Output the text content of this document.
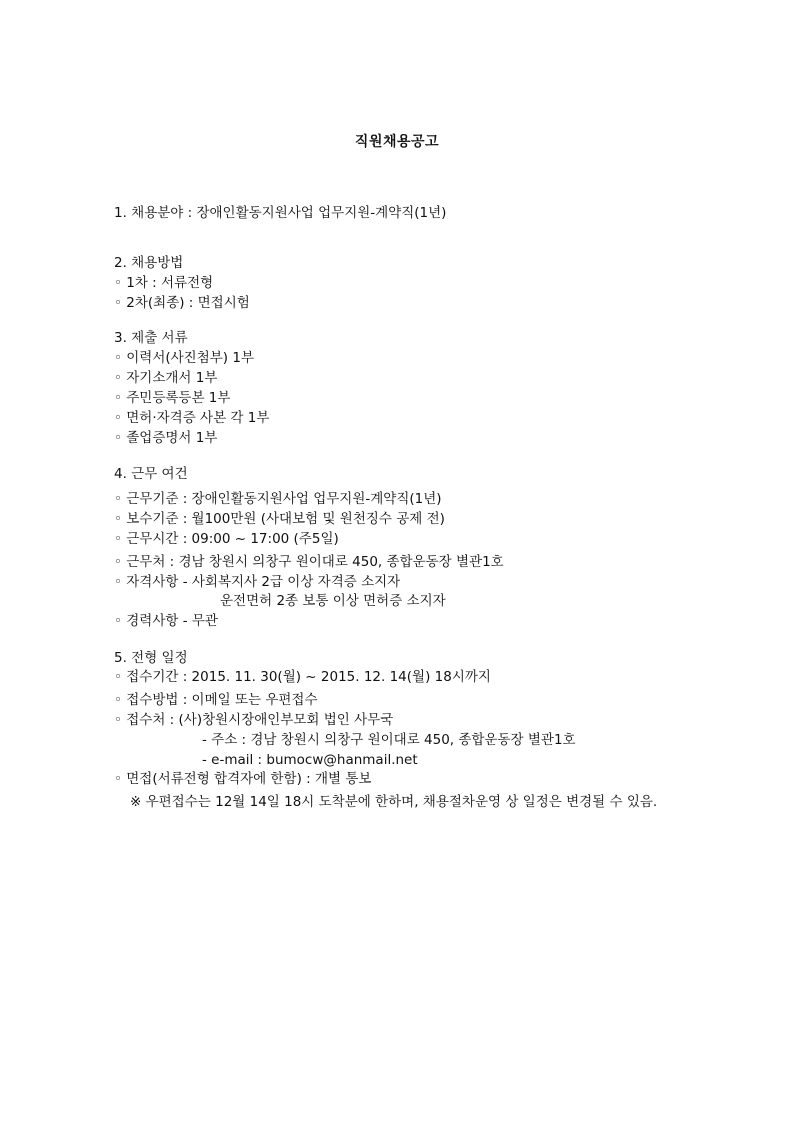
직원채용공고
1. 채용분야 : 장애인활동지원사업 업무지원-계약직(1년)
2. 채용방법
◦ 1차 : 서류전형
◦ 2차(최종) : 면접시험
3. 제출 서류
◦ 이력서(사진첨부) 1부
◦ 자기소개서 1부
◦ 주민등록등본 1부
◦ 면허·자격증 사본 각 1부
◦ 졸업증명서 1부
4. 근무 여건
◦ 근무기준 : 장애인활동지원사업 업무지원-계약직(1년)
◦ 보수기준 : 월100만원 (사대보험 및 원천징수 공제 전)
◦ 근무시간 : 09:00 ~ 17:00 (주5일)
◦ 근무처 : 경남 창원시 의창구 원이대로 450, 종합운동장 별관1호
◦ 자격사항 - 사회복지사 2급 이상 자격증 소지자
운전면허 2종 보통 이상 면허증 소지자
◦ 경력사항 - 무관
5. 전형 일정
◦ 접수기간 : 2015. 11. 30(월) ~ 2015. 12. 14(월) 18시까지
◦ 접수방법 : 이메일 또는 우편접수
◦ 접수처 : (사)창원시장애인부모회 법인 사무국
- 주소 : 경남 창원시 의창구 원이대로 450, 종합운동장 별관1호
- e-mail : bumocw@hanmail.net
◦ 면접(서류전형 합격자에 한함) : 개별 통보
※ 우편접수는 12월 14일 18시 도착분에 한하며, 채용절차운영 상 일정은 변경될 수 있음.
